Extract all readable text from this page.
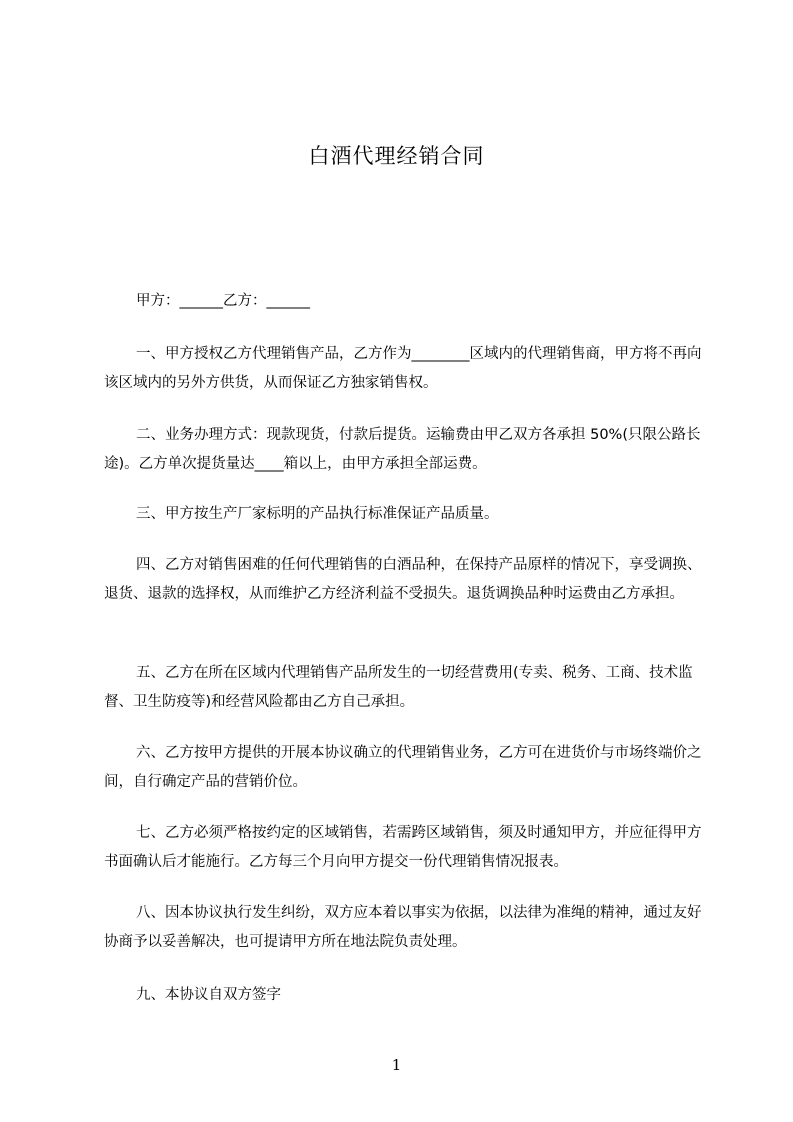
白酒代理经销合同

甲方：______乙方：______

一、甲方授权乙方代理销售产品，乙方作为________区域内的代理销售商，甲方将不再向该区域内的另外方供货，从而保证乙方独家销售权。

二、业务办理方式：现款现货，付款后提货。运输费由甲乙双方各承担 50%(只限公路长途)。乙方单次提货量达____箱以上，由甲方承担全部运费。

三、甲方按生产厂家标明的产品执行标准保证产品质量。

四、乙方对销售困难的任何代理销售的白酒品种，在保持产品原样的情况下，享受调换、退货、退款的选择权，从而维护乙方经济利益不受损失。退货调换品种时运费由乙方承担。

五、乙方在所在区域内代理销售产品所发生的一切经营费用(专卖、税务、工商、技术监督、卫生防疫等)和经营风险都由乙方自己承担。

六、乙方按甲方提供的开展本协议确立的代理销售业务，乙方可在进货价与市场终端价之间，自行确定产品的营销价位。

七、乙方必须严格按约定的区域销售，若需跨区域销售，须及时通知甲方，并应征得甲方书面确认后才能施行。乙方每三个月向甲方提交一份代理销售情况报表。

八、因本协议执行发生纠纷，双方应本着以事实为依据，以法律为准绳的精神，通过友好协商予以妥善解决，也可提请甲方所在地法院负责处理。

九、本协议自双方签字

1
